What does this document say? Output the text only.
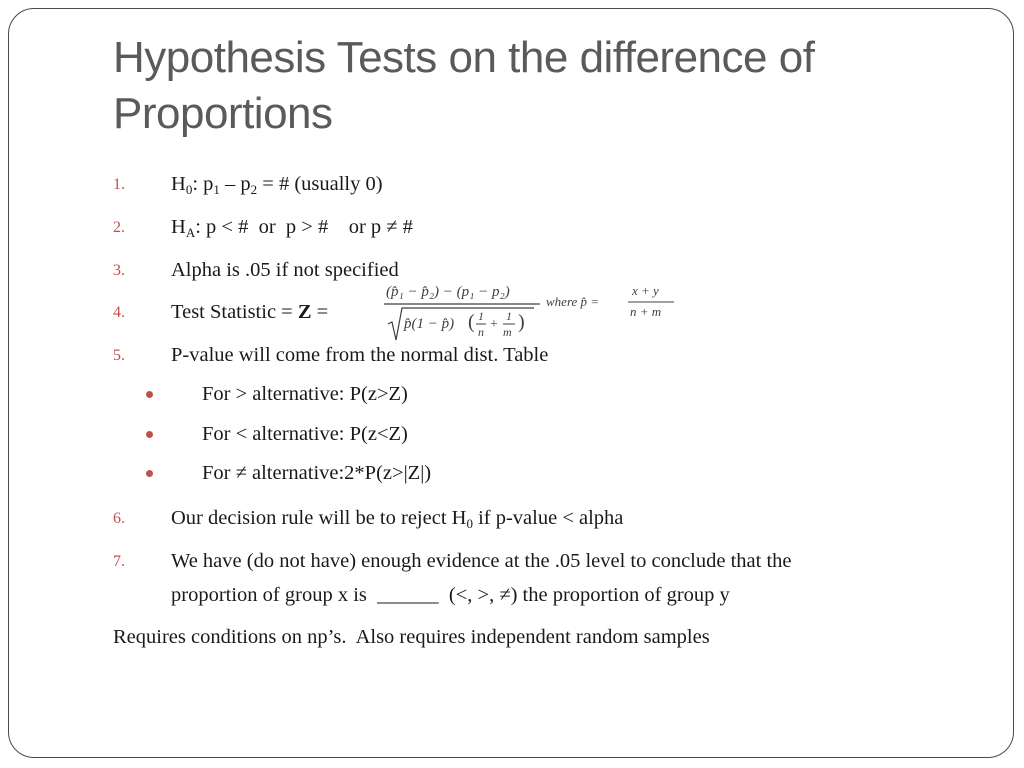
Hypothesis Tests on the difference of
Proportions
1. $H_0$: $p_1 - p_2$ = # (usually 0)
2. $H_A$: p < #  or  p > #    or p ≠ #
3. Alpha is .05 if not specified
4. Test Statistic = Z =
(p̂₁ − p̂₂) − (p₁ − p₂)
p̂(1 − p̂) ( 1
n +
1
m )
where p̂ =
x + y
n + m
5. P-value will come from the normal dist. Table
For > alternative: P(z>Z)
For < alternative: P(z<Z)
For ≠ alternative:2*P(z>|Z|)
6. Our decision rule will be to reject $H_0$ if p-value < alpha
7. We have (do not have) enough evidence at the .05 level to conclude that the
proportion of group x is  ______  (<, >, ≠) the proportion of group y
Requires conditions on np’s.  Also requires independent random samples
